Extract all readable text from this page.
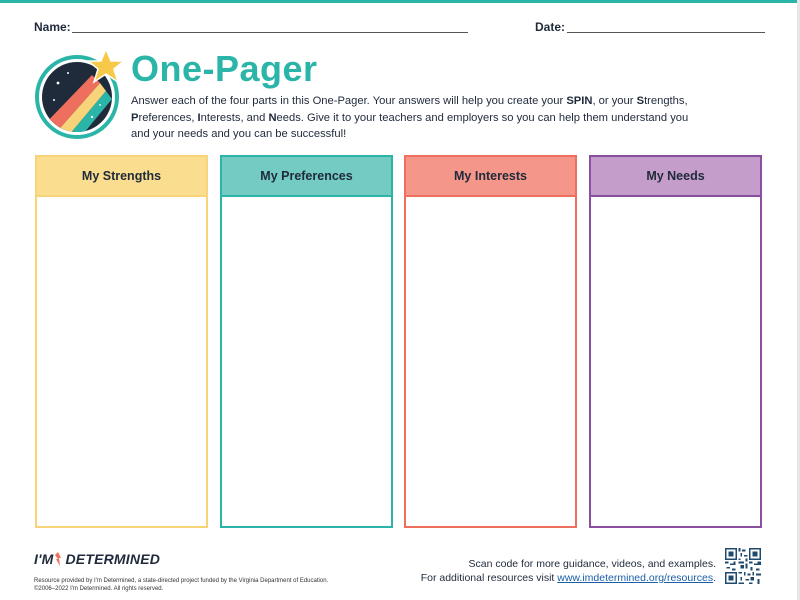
Name:	Date:
One-Pager

Answer each of the four parts in this One-Pager. Your answers will help you create your SPIN, or your Strengths, Preferences, Interests, and Needs. Give it to your teachers and employers so you can help them understand you and your needs and you can be successful!

My Strengths	My Preferences	My Interests	My Needs
I'M DETERMINED
Resource provided by I'm Determined, a state-directed project funded by the Virginia Department of Education.
©2006–2022 I'm Determined. All rights reserved.
Scan code for more guidance, videos, and examples.
For additional resources visit www.imdetermined.org/resources.
